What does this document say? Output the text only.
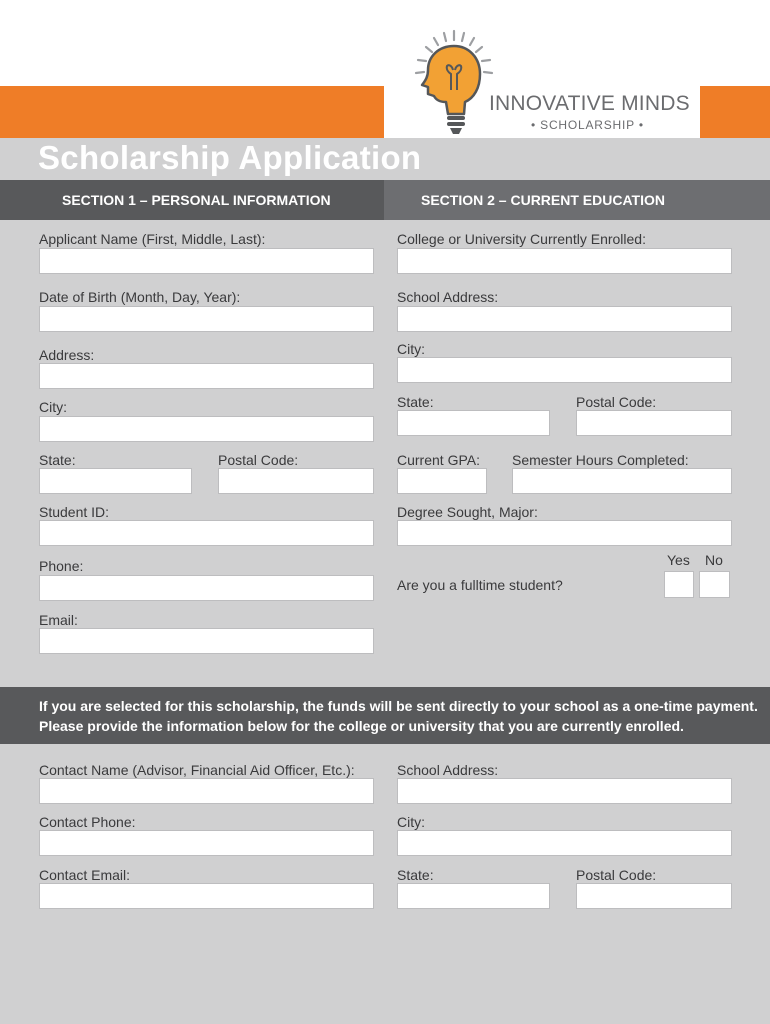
INNOVATIVE MINDS
• SCHOLARSHIP •
Scholarship Application
SECTION 1 – PERSONAL INFORMATION	SECTION 2 – CURRENT EDUCATION
Applicant Name (First, Middle, Last):
Date of Birth (Month, Day, Year):
Address:
City:
State:	Postal Code:
Student ID:
Phone:
Email:
College or University Currently Enrolled:
School Address:
City:
State:	Postal Code:
Current GPA: Semester Hours Completed:
Degree Sought, Major:
Yes No
Are you a fulltime student?
If you are selected for this scholarship, the funds will be sent directly to your school as a one-time payment.
Please provide the information below for the college or university that you are currently enrolled.
Contact Name (Advisor, Financial Aid Officer, Etc.):
Contact Phone:
Contact Email:
School Address:
City:
State:	Postal Code:
